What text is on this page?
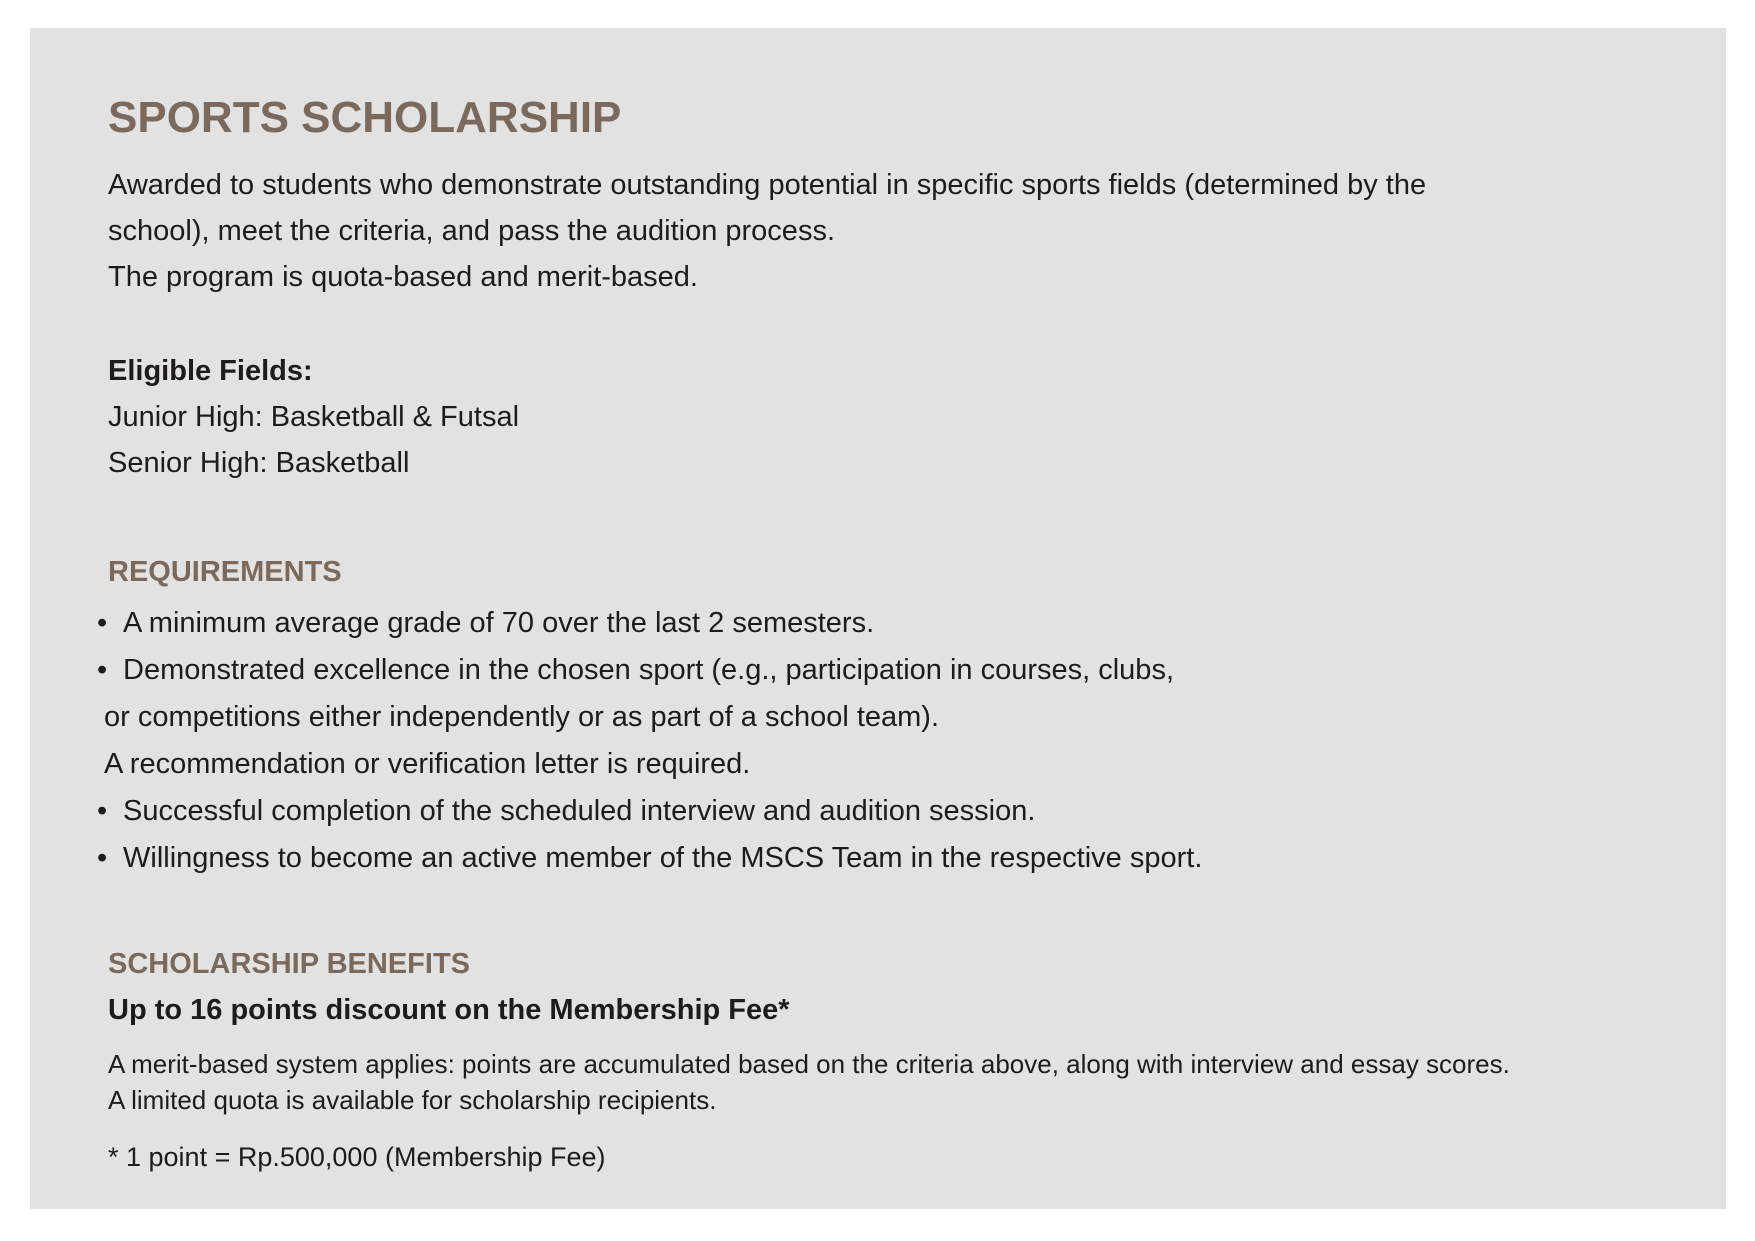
SPORTS SCHOLARSHIP
Awarded to students who demonstrate outstanding potential in specific sports fields (determined by the
school), meet the criteria, and pass the audition process.
The program is quota-based and merit-based.
Eligible Fields:
Junior High: Basketball & Futsal
Senior High: Basketball
REQUIREMENTS
• A minimum average grade of 70 over the last 2 semesters.
• Demonstrated excellence in the chosen sport (e.g., participation in courses, clubs,
or competitions either independently or as part of a school team).
A recommendation or verification letter is required.
• Successful completion of the scheduled interview and audition session.
• Willingness to become an active member of the MSCS Team in the respective sport.
SCHOLARSHIP BENEFITS
Up to 16 points discount on the Membership Fee*
A merit-based system applies: points are accumulated based on the criteria above, along with interview and essay scores.
A limited quota is available for scholarship recipients.
* 1 point = Rp.500,000 (Membership Fee)
